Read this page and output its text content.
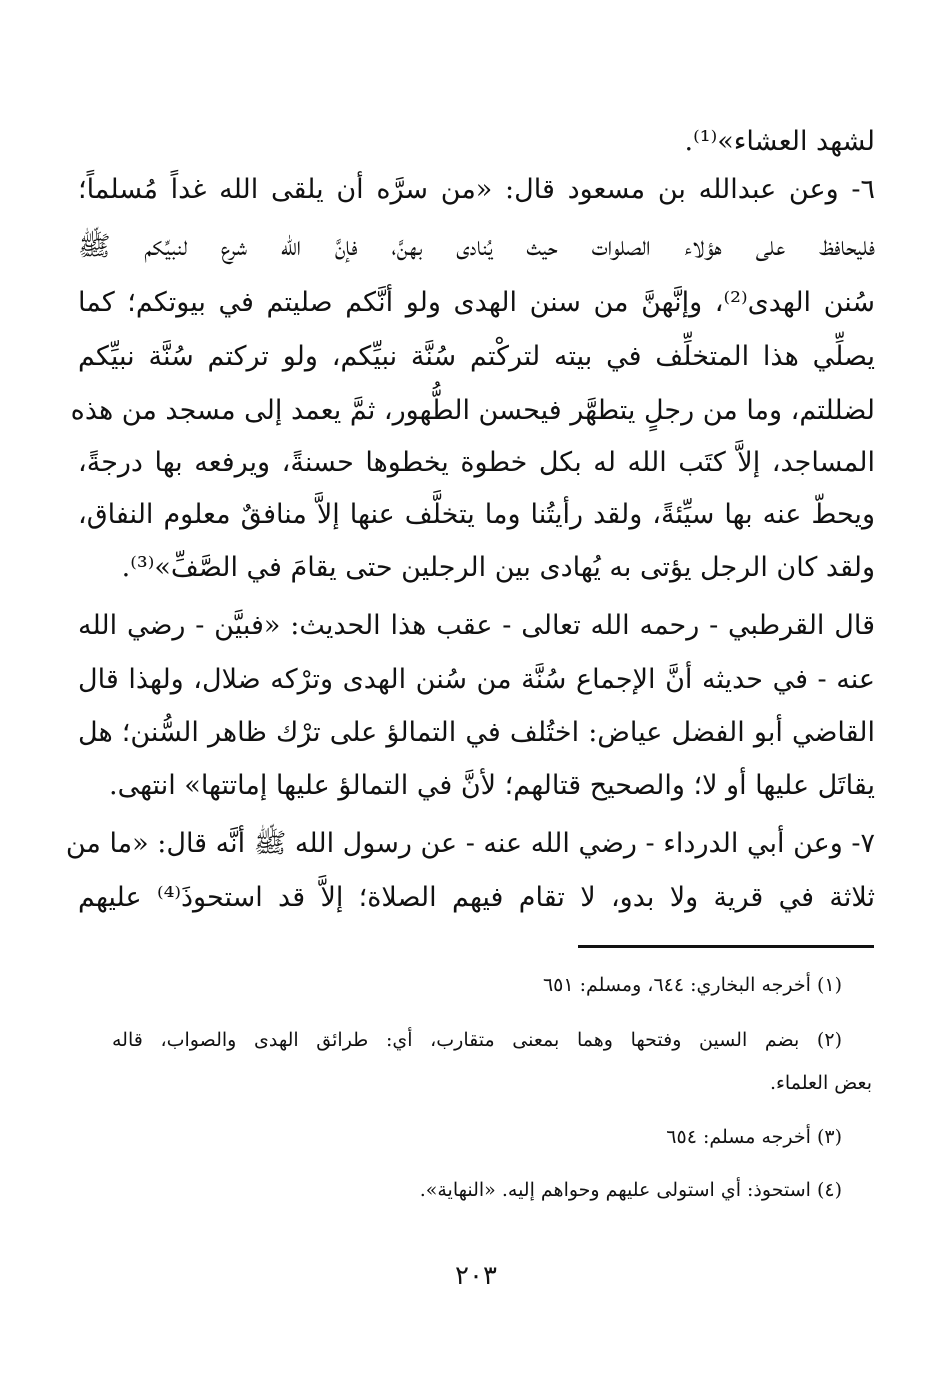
لشهد العشاء»⁽¹⁾.
٦- وعن عبدالله بن مسعود قال: «من سرَّه أن يلقى الله غداً مُسلماً؛
فليحافظ على هؤلاء الصلوات حيث يُنادى بهنَّ، فإنَّ الله شرع لنبيِّكم ﷺ
سُنن الهدى⁽²⁾، وإنَّهنَّ من سنن الهدى ولو أنَّكم صليتم في بيوتكم؛ كما
يصلِّي هذا المتخلِّف في بيته لتركْتم سُنَّة نبيِّكم، ولو تركتم سُنَّة نبيِّكم
لضللتم، وما من رجلٍ يتطهَّر فيحسن الطُّهور، ثمَّ يعمد إلى مسجد من هذه
المساجد، إلاَّ كتَب الله له بكل خطوة يخطوها حسنةً، ويرفعه بها درجةً،
ويحطّ عنه بها سيِّئةً، ولقد رأيتُنا وما يتخلَّف عنها إلاَّ منافقٌ معلوم النفاق،
ولقد كان الرجل يؤتى به يُهادى بين الرجلين حتى يقامَ في الصَّفِّ»⁽³⁾.
قال القرطبي - رحمه الله تعالى - عقب هذا الحديث: «فبيَّن - رضي الله
عنه - في حديثه أنَّ الإجماع سُنَّة من سُنن الهدى وترْكه ضلال، ولهذا قال
القاضي أبو الفضل عياض: اختُلف في التمالؤ على ترْك ظاهر السُّنن؛ هل
يقاتَل عليها أو لا؛ والصحيح قتالهم؛ لأنَّ في التمالؤ عليها إماتتها» انتهى.
٧- وعن أبي الدرداء - رضي الله عنه - عن رسول الله ﷺ أنَّه قال: «ما من
ثلاثة في قرية ولا بدو، لا تقام فيهم الصلاة؛ إلاَّ قد استحوذَ⁽⁴⁾ عليهم
(١) أخرجه البخاري: ٦٤٤، ومسلم: ٦٥١
(٢) بضم السين وفتحها وهما بمعنى متقارب، أي: طرائق الهدى والصواب، قاله
بعض العلماء.
(٣) أخرجه مسلم: ٦٥٤
(٤) استحوذ: أي استولى عليهم وحواهم إليه. «النهاية».
٢٠٣
